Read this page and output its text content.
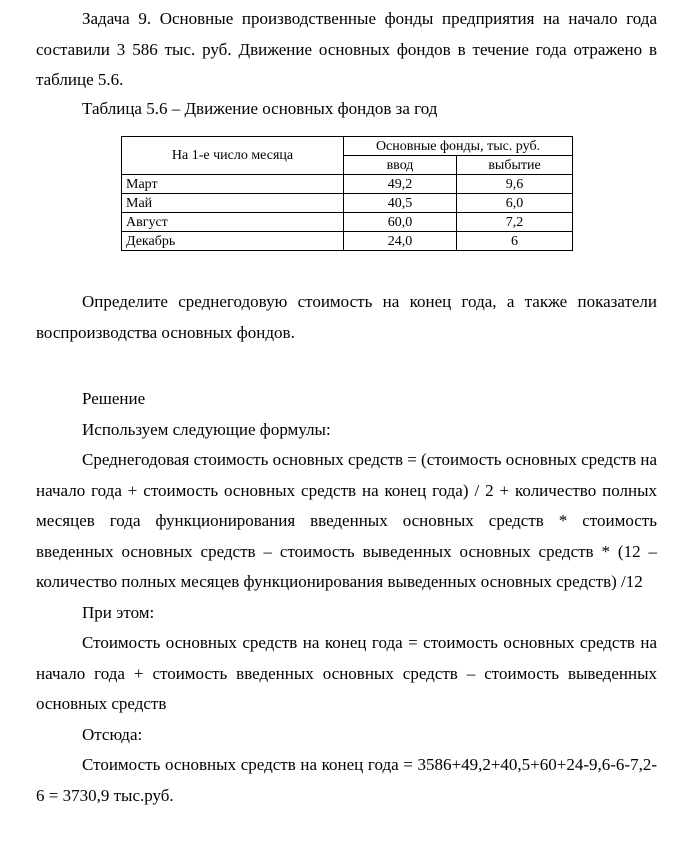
Задача 9. Основные производственные фонды предприятия на начало года составили 3 586 тыс. руб. Движение основных фондов в течение года отражено в таблице 5.6.

Таблица 5.6 – Движение основных фондов за год

На 1-е число месяца	Основные фонды, тыс. руб.	
	ввод	выбытие
Март	49,2	9,6
Май	40,5	6,0
Август	60,0	7,2
Декабрь	24,0	6

Определите среднегодовую стоимость на конец года, а также показатели воспроизводства основных фондов.

Решение

Используем следующие формулы:

Среднегодовая стоимость основных средств = (стоимость основных средств на начало года + стоимость основных средств на конец года) / 2 + количество полных месяцев года функционирования введенных основных средств * стоимость введенных основных средств – стоимость выведенных основных средств * (12 – количество полных месяцев функционирования выведенных основных средств) /12

При этом:

Стоимость основных средств на конец года = стоимость основных средств на начало года + стоимость введенных основных средств – стоимость выведенных основных средств

Отсюда:

Стоимость основных средств на конец года = 3586+49,2+40,5+60+24-9,6-6-7,2-6 = 3730,9 тыс.руб.
